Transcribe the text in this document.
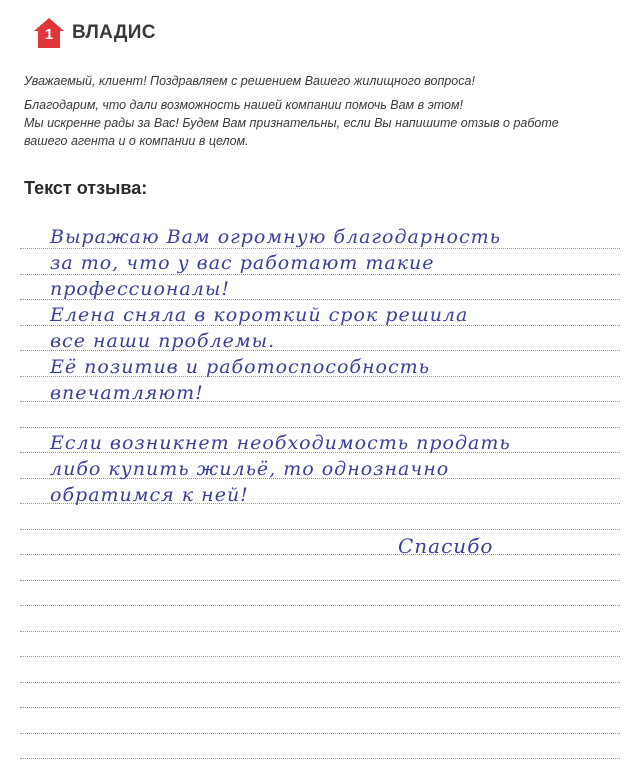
1 ВЛАДИС

Уважаемый, клиент! Поздравляем с решением Вашего жилищного вопроса!

Благодарим, что дали возможность нашей компании помочь Вам в этом!

Мы искренне рады за Вас! Будем Вам признательны, если Вы напишите отзыв о работе

вашего агента и о компании в целом.

Текст отзыва:
Выражаю Вам огромную благодарность
за то, что у вас работают такие
профессионалы!
Елена сняла в короткий срок решила
все наши проблемы.
Её позитив и работоспособность
впечатляют!
Если возникнет необходимость продать
либо купить жильё, то однозначно
обратимся к ней!
Спасибо
